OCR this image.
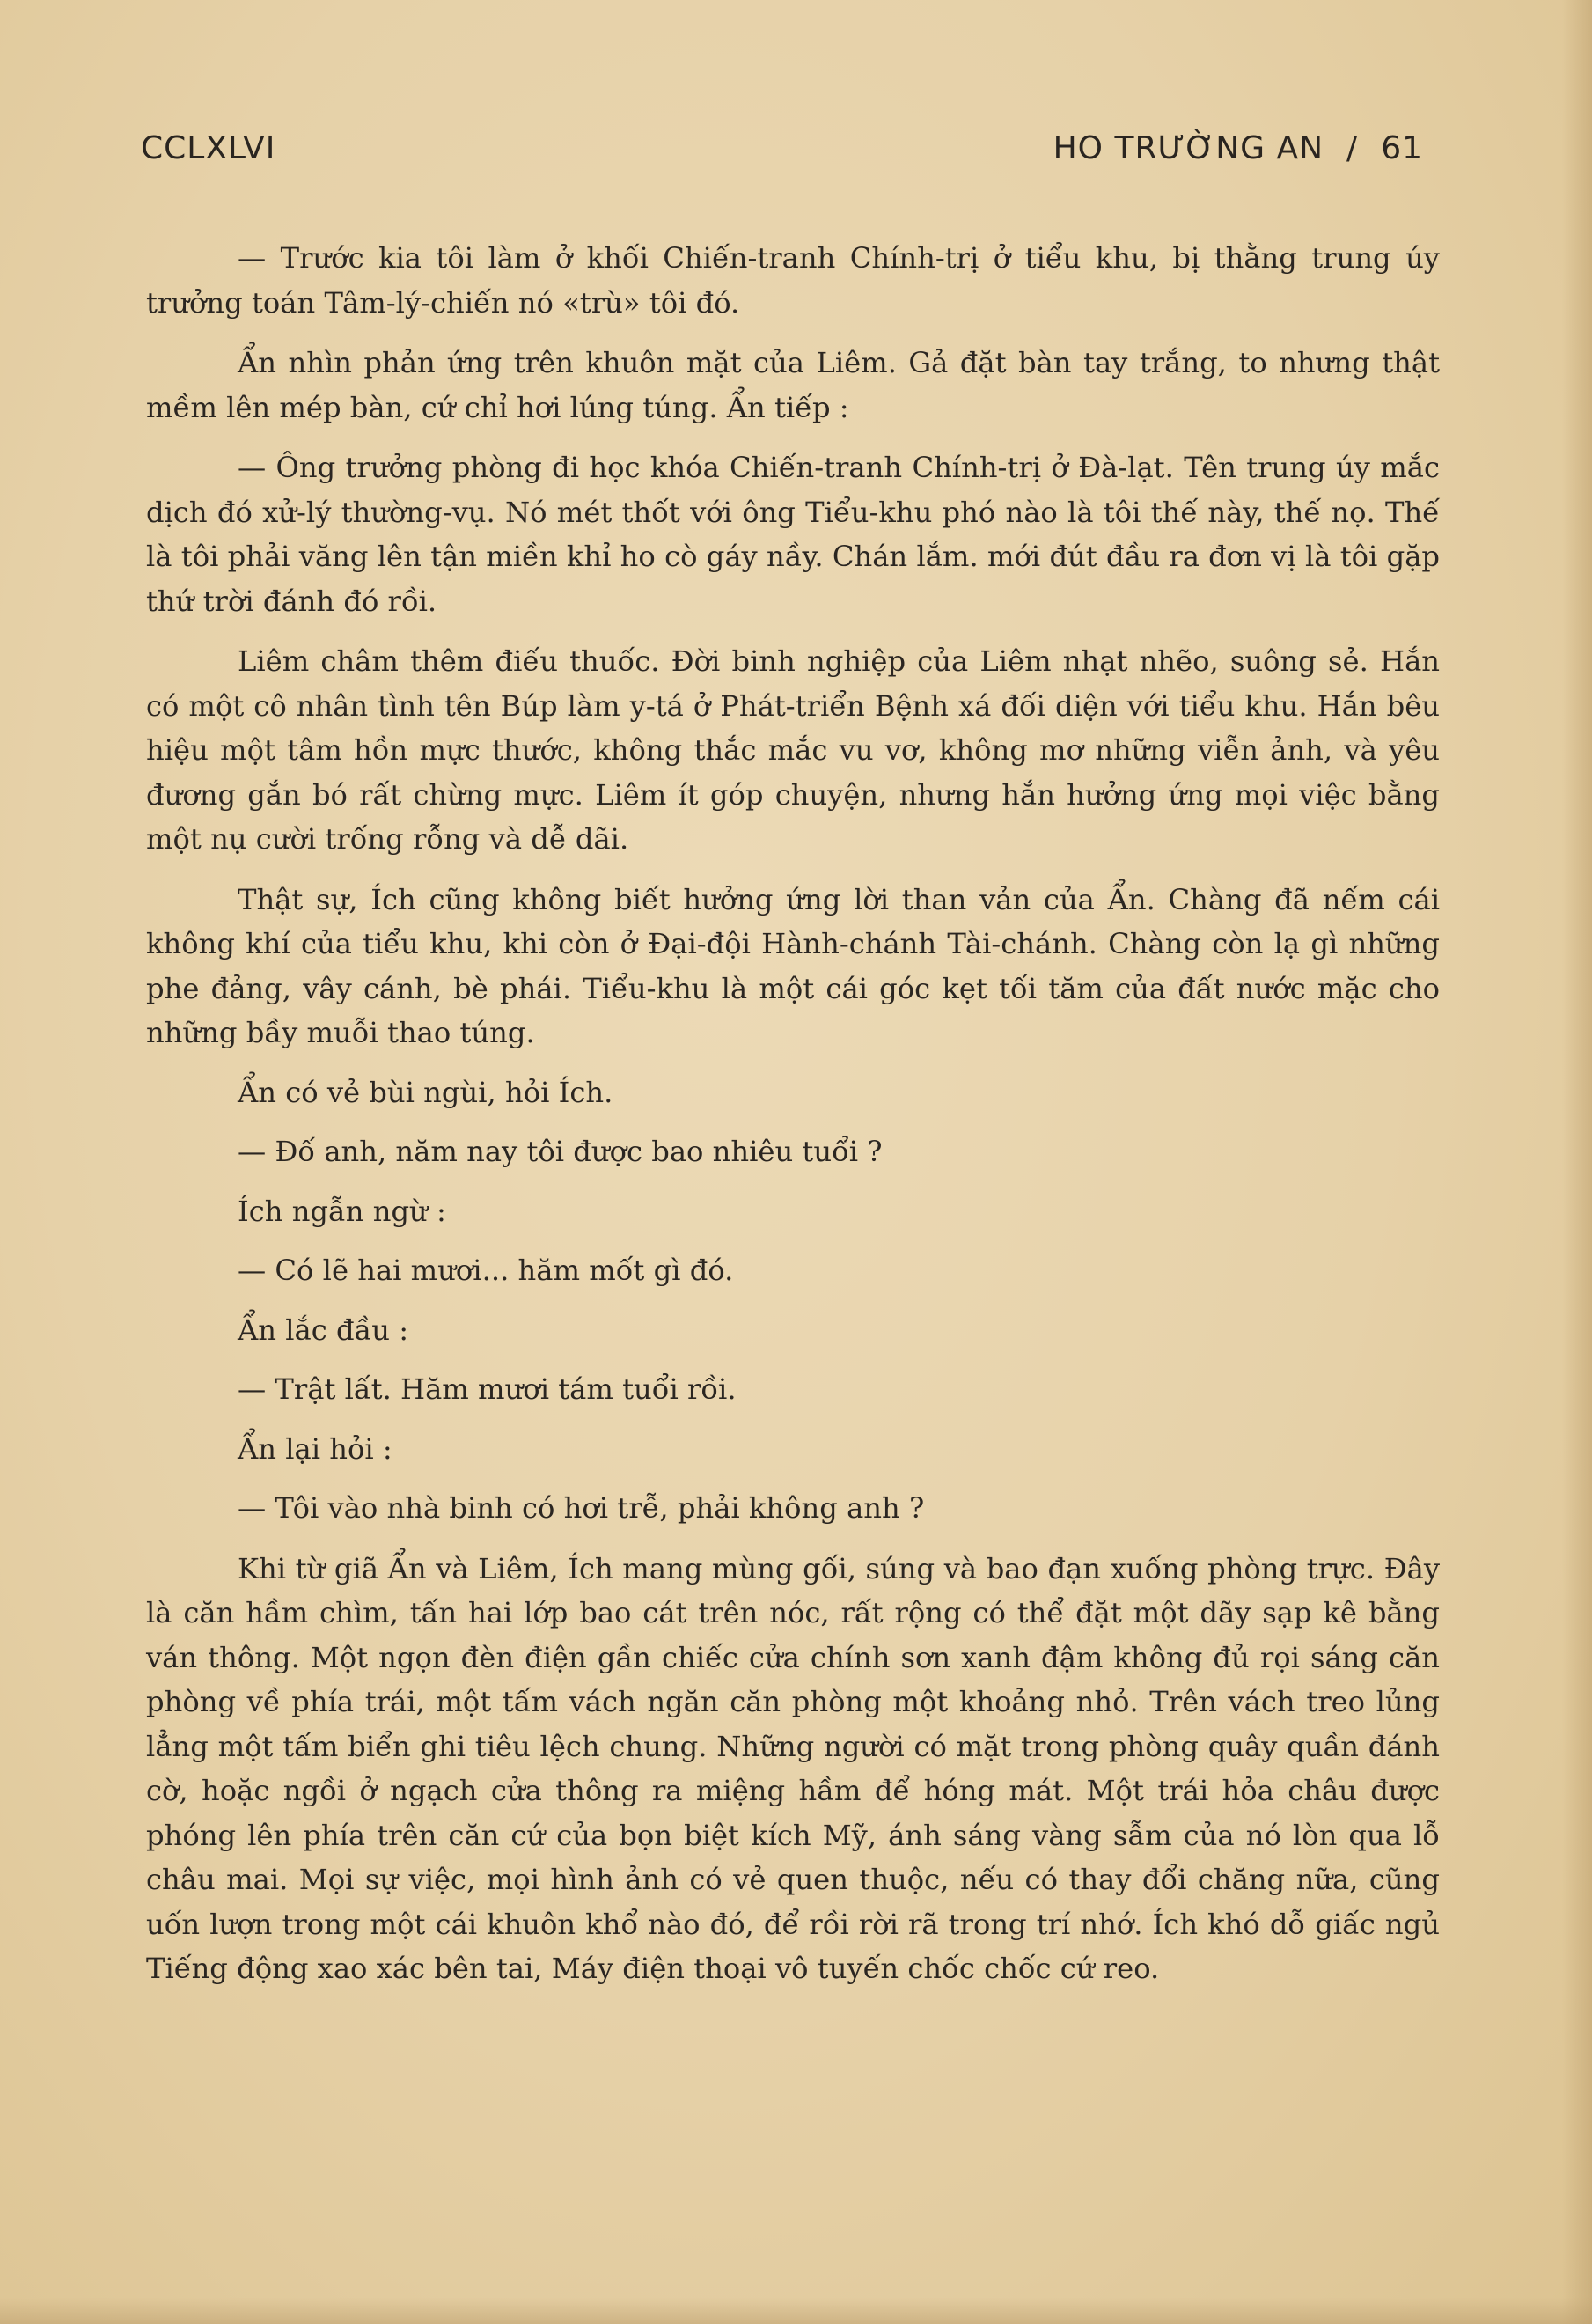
CCLXLVI	HO TRƯỜNG AN / 61

— Trước kia tôi làm ở khối Chiến-tranh Chính-trị ở tiểu khu, bị thằng trung úy trưởng toán Tâm-lý-chiến nó «trù» tôi đó.

Ẩn nhìn phản ứng trên khuôn mặt của Liêm. Gả đặt bàn tay trắng, to nhưng thật mềm lên mép bàn, cứ chỉ hơi lúng túng. Ẩn tiếp :

— Ông trưởng phòng đi học khóa Chiến-tranh Chính-trị ở Đà-lạt. Tên trung úy mắc dịch đó xử-lý thường-vụ. Nó mét thốt với ông Tiểu-khu phó nào là tôi thế này, thế nọ. Thế là tôi phải văng lên tận miền khỉ ho cò gáy nầy. Chán lắm. mới đút đầu ra đơn vị là tôi gặp thứ trời đánh đó rồi.

Liêm châm thêm điếu thuốc. Đời binh nghiệp của Liêm nhạt nhẽo, suông sẻ. Hắn có một cô nhân tình tên Búp làm y-tá ở Phát-triển Bệnh xá đối diện với tiểu khu. Hắn bêu hiệu một tâm hồn mực thước, không thắc mắc vu vơ, không mơ những viễn ảnh, và yêu đương gắn bó rất chừng mực. Liêm ít góp chuyện, nhưng hắn hưởng ứng mọi việc bằng một nụ cười trống rỗng và dễ dãi.

Thật sự, Ích cũng không biết hưởng ứng lời than vản của Ẩn. Chàng đã nếm cái không khí của tiểu khu, khi còn ở Đại-đội Hành-chánh Tài-chánh. Chàng còn lạ gì những phe đảng, vây cánh, bè phái. Tiểu-khu là một cái góc kẹt tối tăm của đất nước mặc cho những bầy muỗi thao túng.

Ẩn có vẻ bùi ngùi, hỏi Ích.

— Đố anh, năm nay tôi được bao nhiêu tuổi ?

Ích ngẫn ngừ :

— Có lẽ hai mươi... hăm mốt gì đó.

Ẩn lắc đầu :

— Trật lất. Hăm mươi tám tuổi rồi.

Ẩn lại hỏi :

— Tôi vào nhà binh có hơi trễ, phải không anh ?

Khi từ giã Ẩn và Liêm, Ích mang mùng gối, súng và bao đạn xuống phòng trực. Đây là căn hầm chìm, tấn hai lớp bao cát trên nóc, rất rộng có thể đặt một dãy sạp kê bằng ván thông. Một ngọn đèn điện gần chiếc cửa chính sơn xanh đậm không đủ rọi sáng căn phòng về phía trái, một tấm vách ngăn căn phòng một khoảng nhỏ. Trên vách treo lủng lẳng một tấm biển ghi tiêu lệch chung. Những người có mặt trong phòng quây quần đánh cờ, hoặc ngồi ở ngạch cửa thông ra miệng hầm để hóng mát. Một trái hỏa châu được phóng lên phía trên căn cứ của bọn biệt kích Mỹ, ánh sáng vàng sẫm của nó lòn qua lỗ châu mai. Mọi sự việc, mọi hình ảnh có vẻ quen thuộc, nếu có thay đổi chăng nữa, cũng uốn lượn trong một cái khuôn khổ nào đó, để rồi rời rã trong trí nhớ. Ích khó dỗ giấc ngủ Tiếng động xao xác bên tai, Máy điện thoại vô tuyến chốc chốc cứ reo.
